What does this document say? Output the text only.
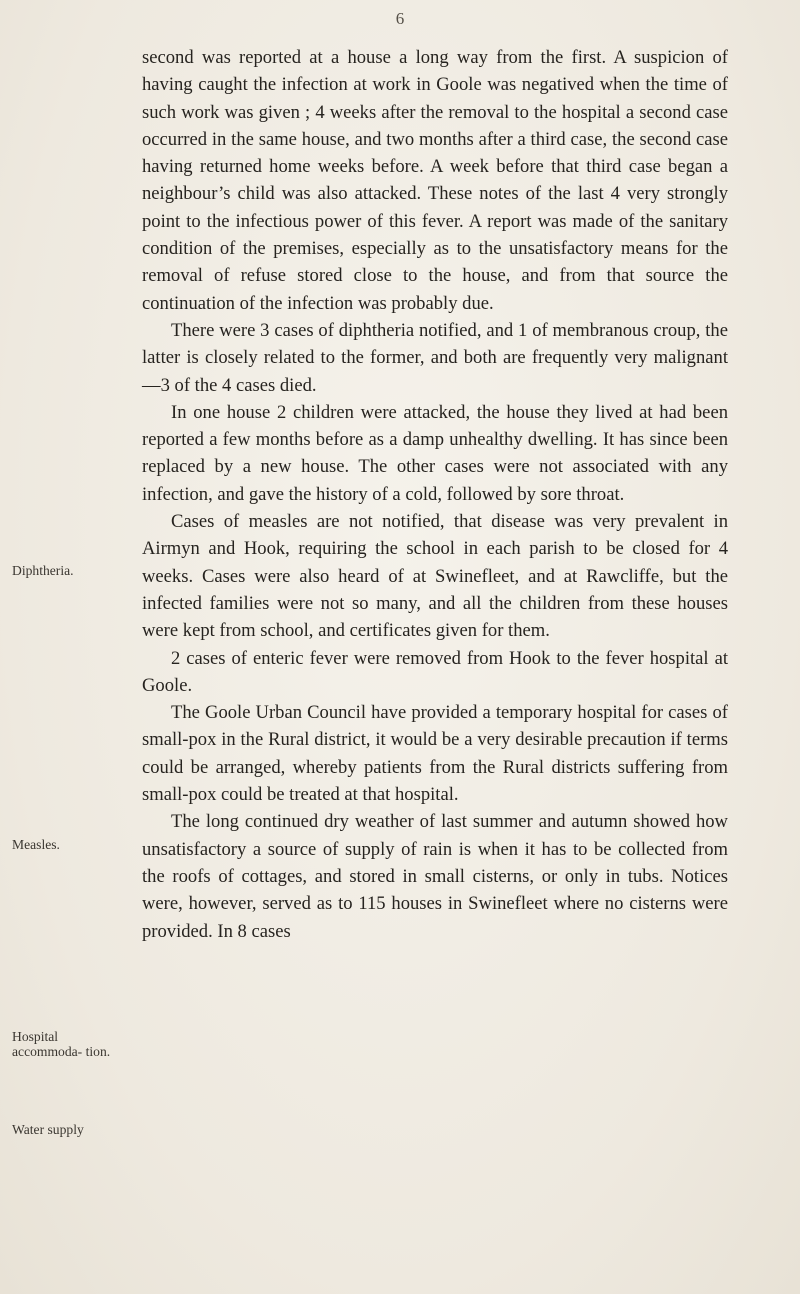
6
Diphtheria.
Measles.
Hospital accommoda- tion.
Water supply

second was reported at a house a long way from the first. A suspicion of having caught the infection at work in Goole was negatived when the time of such work was given ; 4 weeks after the removal to the hospital a second case occurred in the same house, and two months after a third case, the second case having returned home weeks before. A week before that third case began a neighbour’s child was also attacked. These notes of the last 4 very strongly point to the infectious power of this fever. A report was made of the sanitary condition of the premises, especially as to the unsatisfactory means for the removal of refuse stored close to the house, and from that source the continuation of the infection was probably due.

There were 3 cases of diphtheria notified, and 1 of membranous croup, the latter is closely related to the former, and both are frequently very malignant—3 of the 4 cases died.

In one house 2 children were attacked, the house they lived at had been reported a few months before as a damp unhealthy dwelling. It has since been replaced by a new house. The other cases were not associated with any infection, and gave the history of a cold, followed by sore throat.

Cases of measles are not notified, that disease was very prevalent in Airmyn and Hook, requiring the school in each parish to be closed for 4 weeks. Cases were also heard of at Swinefleet, and at Rawcliffe, but the infected families were not so many, and all the children from these houses were kept from school, and certificates given for them.

2 cases of enteric fever were removed from Hook to the fever hospital at Goole.

The Goole Urban Council have provided a temporary hospital for cases of small-pox in the Rural district, it would be a very desirable precaution if terms could be arranged, whereby patients from the Rural districts suffering from small-pox could be treated at that hospital.

The long continued dry weather of last summer and autumn showed how unsatisfactory a source of supply of rain is when it has to be collected from the roofs of cottages, and stored in small cisterns, or only in tubs. Notices were, however, served as to 115 houses in Swinefleet where no cisterns were provided. In 8 cases
